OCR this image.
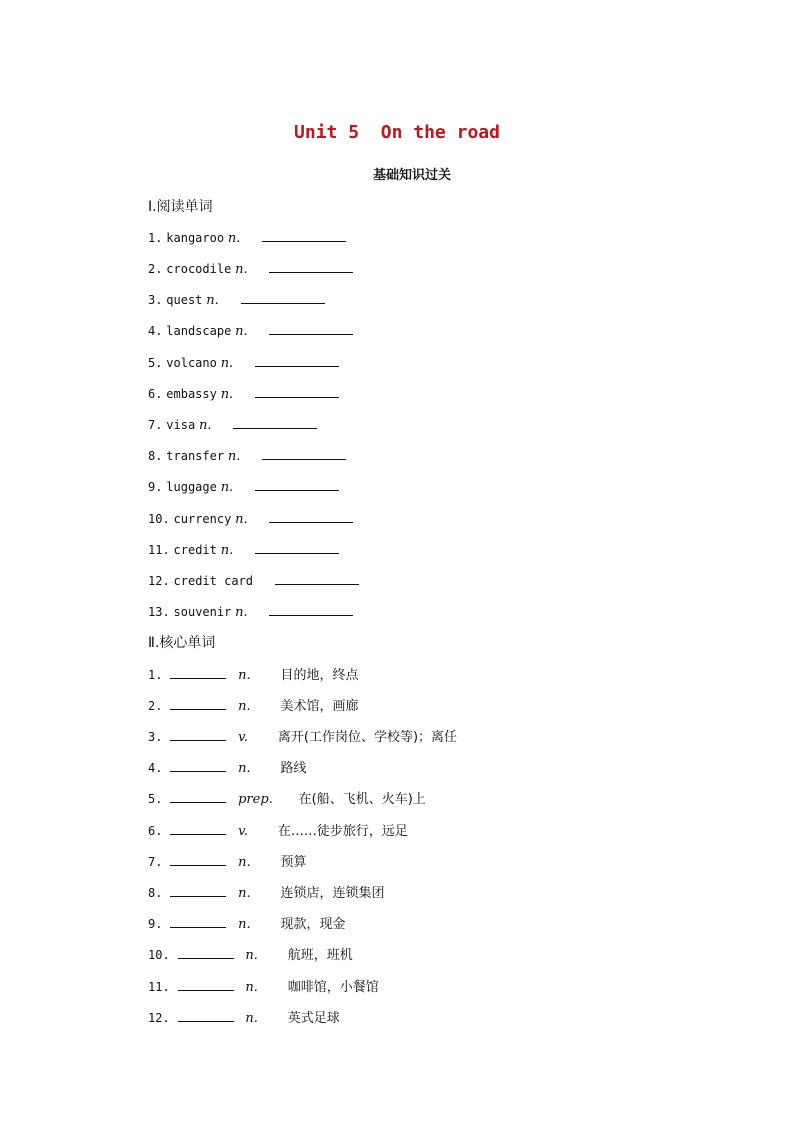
Unit 5  On the road
基础知识过关
Ⅰ.阅读单词
1. kangaroo n.
2. crocodile n.
3. quest n.
4. landscape n.
5. volcano n.
6. embassy n.
7. visa n.
8. transfer n.
9. luggage n.
10. currency n.
11. credit n.
12. credit card
13. souvenir n.
Ⅱ.核心单词
1.	n. 目的地，终点
2.	n. 美术馆，画廊
3.	v. 离开(工作岗位、学校等)；离任
4.	n. 路线
5.	prep. 在(船、飞机、火车)上
6.	v. 在……徒步旅行，远足
7.	n. 预算
8.	n. 连锁店，连锁集团
9.	n. 现款，现金
10.	n. 航班，班机
11.	n. 咖啡馆，小餐馆
12.	n. 英式足球
